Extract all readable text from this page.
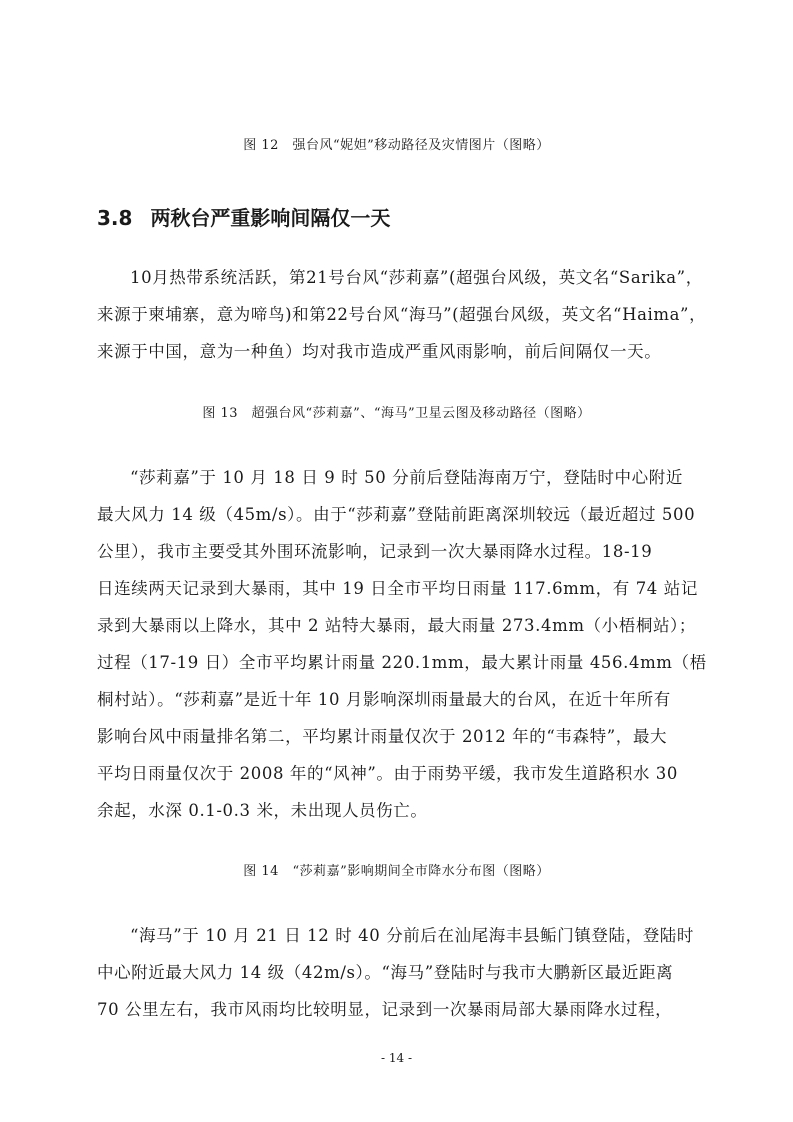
图 12　强台风“妮妲”移动路径及灾情图片（图略）
3.8 两秋台严重影响间隔仅一天
10月热带系统活跃，第21号台风“莎莉嘉”(超强台风级，英文名“Sarika”，
来源于柬埔寨，意为啼鸟)和第22号台风“海马”(超强台风级，英文名“Haima”，
来源于中国，意为一种鱼）均对我市造成严重风雨影响，前后间隔仅一天。
图 13　超强台风“莎莉嘉”、“海马”卫星云图及移动路径（图略）
“莎莉嘉”于 10 月 18 日 9 时 50 分前后登陆海南万宁，登陆时中心附近
最大风力 14 级（45m/s）。由于“莎莉嘉”登陆前距离深圳较远（最近超过 500
公里），我市主要受其外围环流影响，记录到一次大暴雨降水过程。18-19
日连续两天记录到大暴雨，其中 19 日全市平均日雨量 117.6mm，有 74 站记
录到大暴雨以上降水，其中 2 站特大暴雨，最大雨量 273.4mm（小梧桐站）；
过程（17-19 日）全市平均累计雨量 220.1mm，最大累计雨量 456.4mm（梧
桐村站）。“莎莉嘉”是近十年 10 月影响深圳雨量最大的台风，在近十年所有
影响台风中雨量排名第二，平均累计雨量仅次于 2012 年的“韦森特”，最大
平均日雨量仅次于 2008 年的“风神”。由于雨势平缓，我市发生道路积水 30
余起，水深 0.1-0.3 米，未出现人员伤亡。
图 14　“莎莉嘉”影响期间全市降水分布图（图略）
“海马”于 10 月 21 日 12 时 40 分前后在汕尾海丰县鲘门镇登陆，登陆时
中心附近最大风力 14 级（42m/s）。“海马”登陆时与我市大鹏新区最近距离
70 公里左右，我市风雨均比较明显，记录到一次暴雨局部大暴雨降水过程，
- 14 -
